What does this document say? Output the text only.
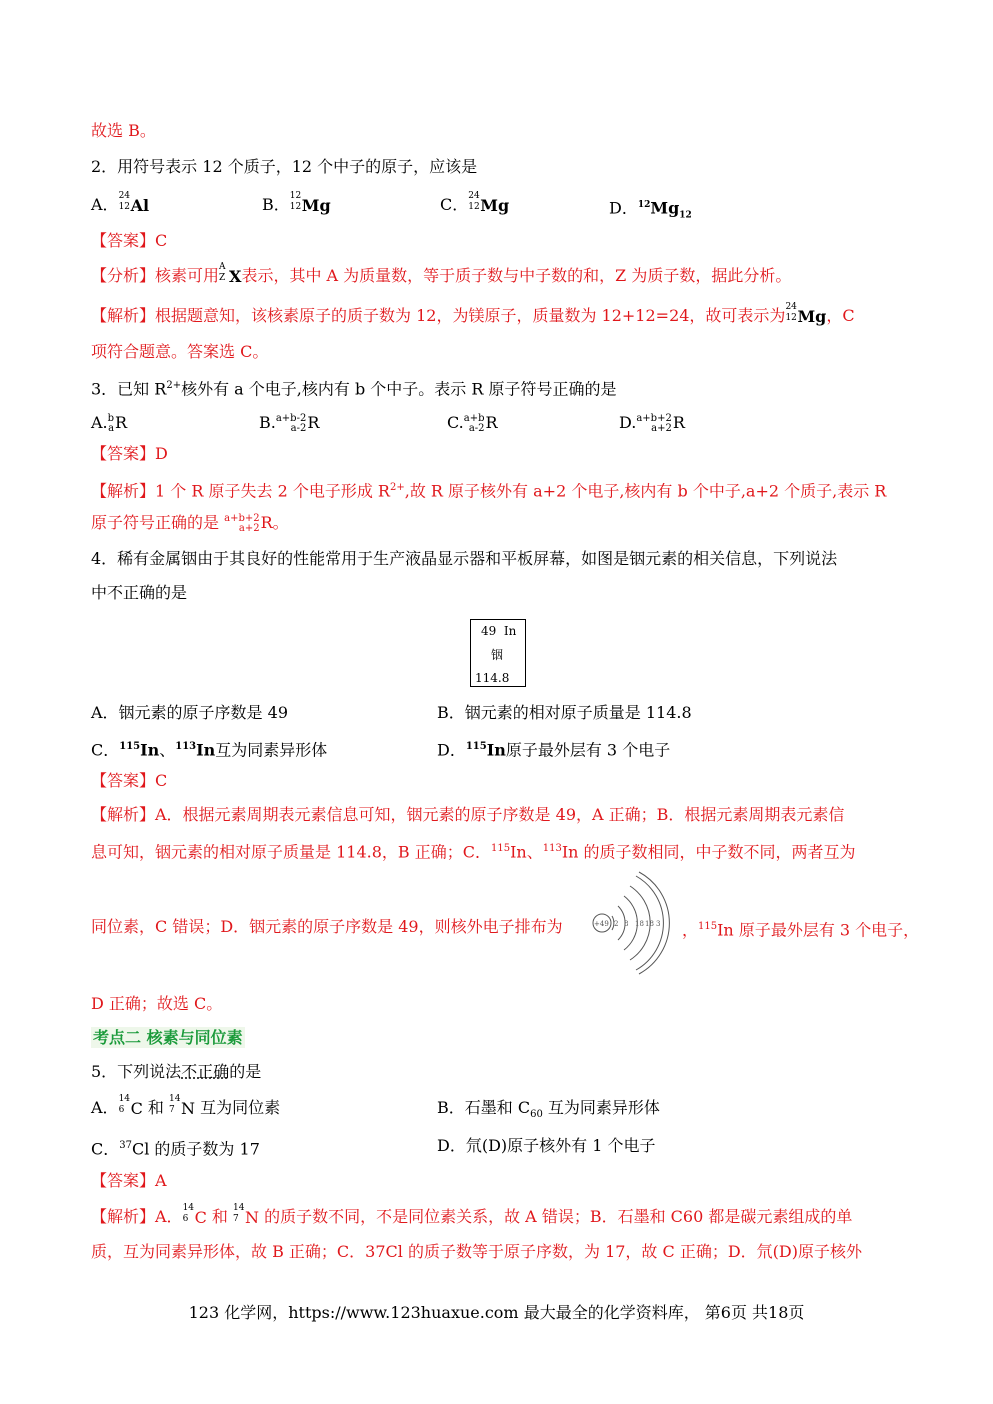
故选 B。
2．用符号表示 12 个质子，12 个中子的原子，应该是
A． 24
12 Al	B． 12
12 Mg	C． 24
12 Mg	D．$^{12}Mg_{12}$
【答案】C
【分析】核素可用 A
Z X表示，其中 A 为质量数，等于质子数与中子数的和，Z 为质子数，据此分析。
【解析】根据题意知，该核素原子的质子数为 12，为镁原子，质量数为 12+12=24，故可表示为 24
12 Mg，C
项符合题意。答案选 C。
3．已知 $R^{2+}$核外有 a 个电子,核内有 b 个中子。表示 R 原子符号正确的是
A.b
aR	B.a+b-2
a-2R	C.a+b
a-2R	D.a+b+2
a+2R
【答案】D
【解析】1 个 R 原子失去 2 个电子形成 $R^{2+}$,故 R 原子核外有 a+2 个电子,核内有 b 个中子,a+2 个质子,表示 R
原子符号正确的是 a+b+2
a+2R。
4．稀有金属铟由于其良好的性能常用于生产液晶显示器和平板屏幕，如图是铟元素的相关信息，下列说法
中不正确的是
49 In
铟
114.8
A．铟元素的原子序数是 49	B．铟元素的相对原子质量是 114.8
C．$^{115}$In、$^{113}$In互为同素异形体	D．$^{115}$In原子最外层有 3 个电子
【答案】C
【解析】A．根据元素周期表元素信息可知，铟元素的原子序数是 49，A 正确；B．根据元素周期表元素信
息可知，铟元素的相对原子质量是 114.8，B 正确；C．$^{115}$In、$^{113}$In 的质子数相同，中子数不同，两者互为
同位素，C 错误；D．铟元素的原子序数是 49，则核外电子排布为	+49 2 8 18 18 3 ，$^{115}$In 原子最外层有 3 个电子，
D 正确；故选 C。
考点二 核素与同位素
5．下列说法不正确的是
A． 14
6 C 和 14
7 N 互为同位素	B．石墨和 $C_{60}$ 互为同素异形体
C．$^{37}$Cl 的质子数为 17	D．氘(D)原子核外有 1 个电子
【答案】A
【解析】A． 14
6 C 和 14
7 N 的质子数不同，不是同位素关系，故 A 错误；B．石墨和 C60 都是碳元素组成的单
质，互为同素异形体，故 B 正确；C．37Cl 的质子数等于原子序数，为 17，故 C 正确；D．氘(D)原子核外
123 化学网，https://www.123huaxue.com 最大最全的化学资料库， 第6页 共18页
